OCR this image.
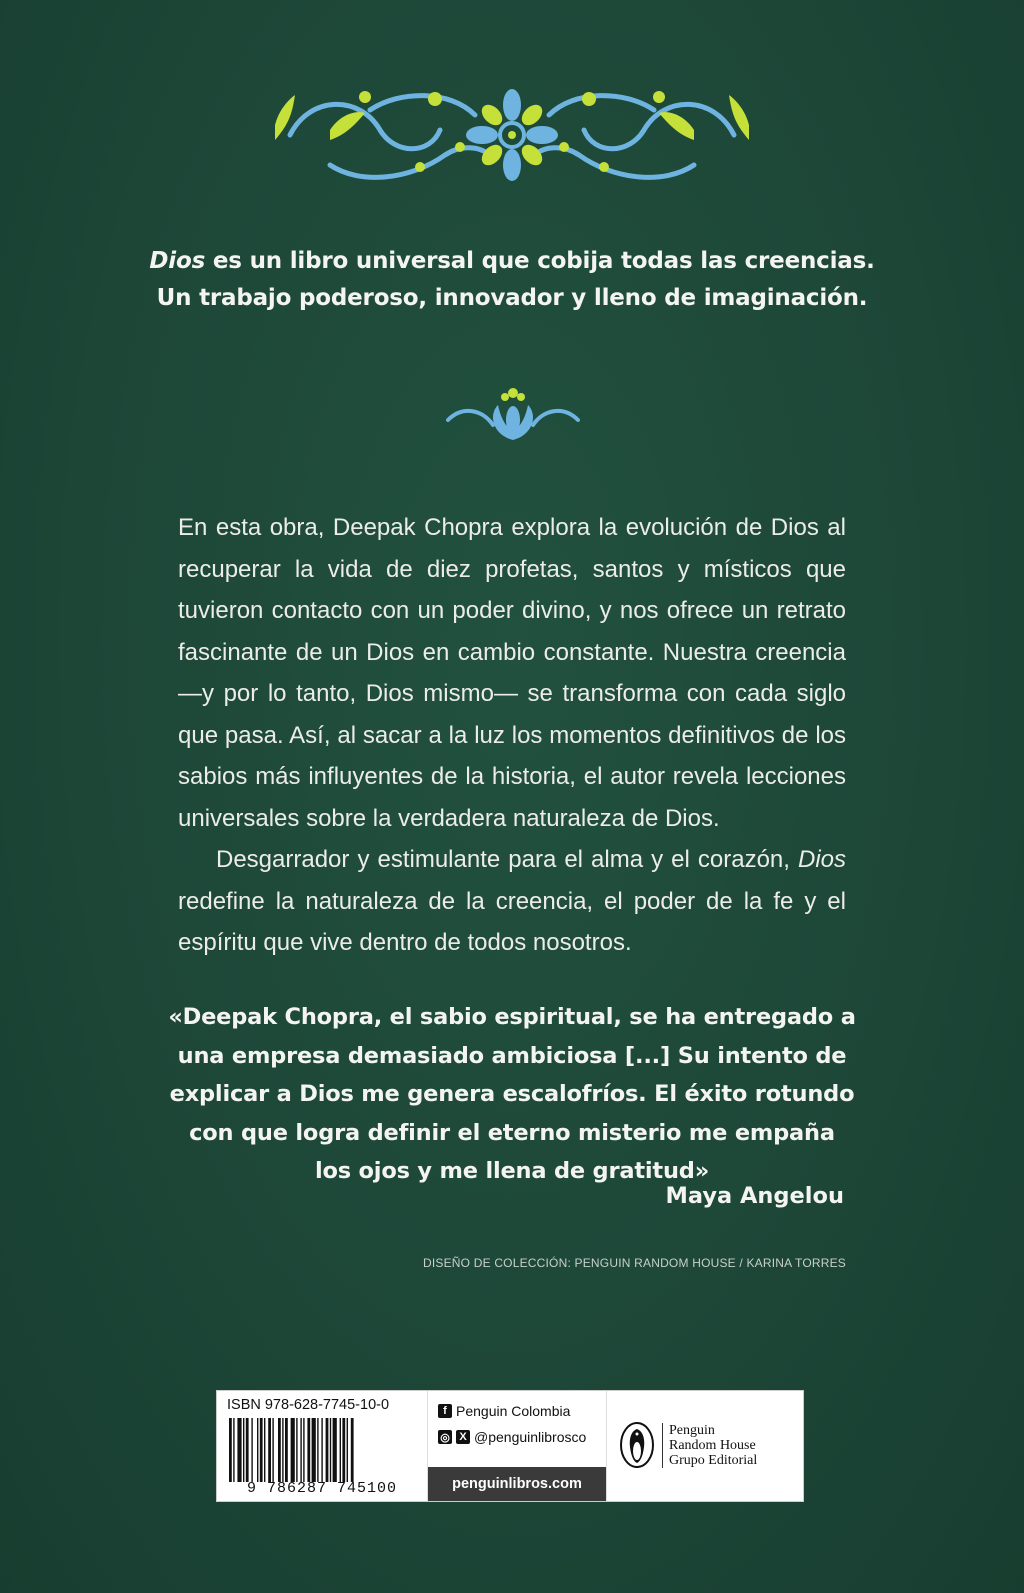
Dios es un libro universal que cobija todas las creencias.
Un trabajo poderoso, innovador y lleno de imaginación.

En esta obra, Deepak Chopra explora la evolución de Dios al recuperar la vida de diez profetas, santos y místicos que tuvieron contacto con un poder divino, y nos ofrece un retrato fascinante de un Dios en cambio constante. Nuestra creencia —y por lo tanto, Dios mismo— se transforma con cada siglo que pasa. Así, al sacar a la luz los momentos definitivos de los sabios más influyentes de la historia, el autor revela lecciones universales sobre la verdadera naturaleza de Dios.

Desgarrador y estimulante para el alma y el corazón, Dios redefine la naturaleza de la creencia, el poder de la fe y el espíritu que vive dentro de todos nosotros.

«Deepak Chopra, el sabio espiritual, se ha entregado a una empresa demasiado ambiciosa [...] Su intento de explicar a Dios me genera escalofríos. El éxito rotundo con que logra definir el eterno misterio me empaña los ojos y me llena de gratitud»
Maya Angelou
DISEÑO DE COLECCIÓN: PENGUIN RANDOM HOUSE / KARINA TORRES
ISBN 978-628-7745-10-0
9 786287 745100
f Penguin Colombia
◎ X @penguinlibrosco
penguinlibros.com
Penguin
Random House
Grupo Editorial
